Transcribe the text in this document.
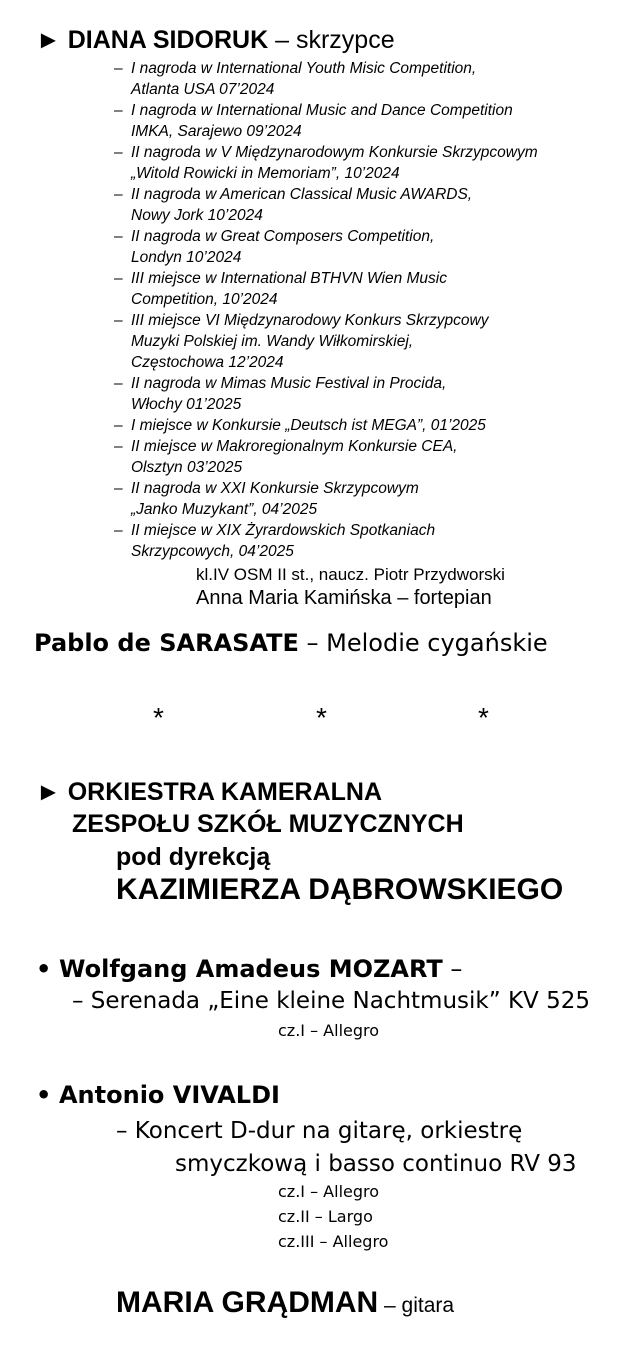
► DIANA SIDORUK – skrzypce
– I nagroda w International Youth Misic Competition,
Atlanta USA 07’2024
– I nagroda w International Music and Dance Competition
IMKA, Sarajewo 09’2024
– II nagroda w V Międzynarodowym Konkursie Skrzypcowym
„Witold Rowicki in Memoriam”, 10’2024
– II nagroda w American Classical Music AWARDS,
Nowy Jork 10’2024
– II nagroda w Great Composers Competition,
Londyn 10’2024
– III miejsce w International BTHVN Wien Music
Competition, 10’2024
– III miejsce VI Międzynarodowy Konkurs Skrzypcowy
Muzyki Polskiej im. Wandy Wiłkomirskiej,
Częstochowa 12’2024
– II nagroda w Mimas Music Festival in Procida,
Włochy 01’2025
– I miejsce w Konkursie „Deutsch ist MEGA”, 01’2025
– II miejsce w Makroregionalnym Konkursie CEA,
Olsztyn 03’2025
– II nagroda w XXI Konkursie Skrzypcowym
„Janko Muzykant”, 04’2025
– II miejsce w XIX Żyrardowskich Spotkaniach
Skrzypcowych, 04’2025
kl.IV OSM II st., naucz. Piotr Przydworski
Anna Maria Kamińska – fortepian
Pablo de SARASATE – Melodie cygańskie
*	*	*
► ORKIESTRA KAMERALNA
ZESPOŁU SZKÓŁ MUZYCZNYCH
pod dyrekcją
KAZIMIERZA DĄBROWSKIEGO
• Wolfgang Amadeus MOZART –
– Serenada „Eine kleine Nachtmusik” KV 525
cz.I – Allegro
• Antonio VIVALDI
– Koncert D-dur na gitarę, orkiestrę
smyczkową i basso continuo RV 93
cz.I – Allegro
cz.II – Largo
cz.III – Allegro
MARIA GRĄDMAN – gitara
